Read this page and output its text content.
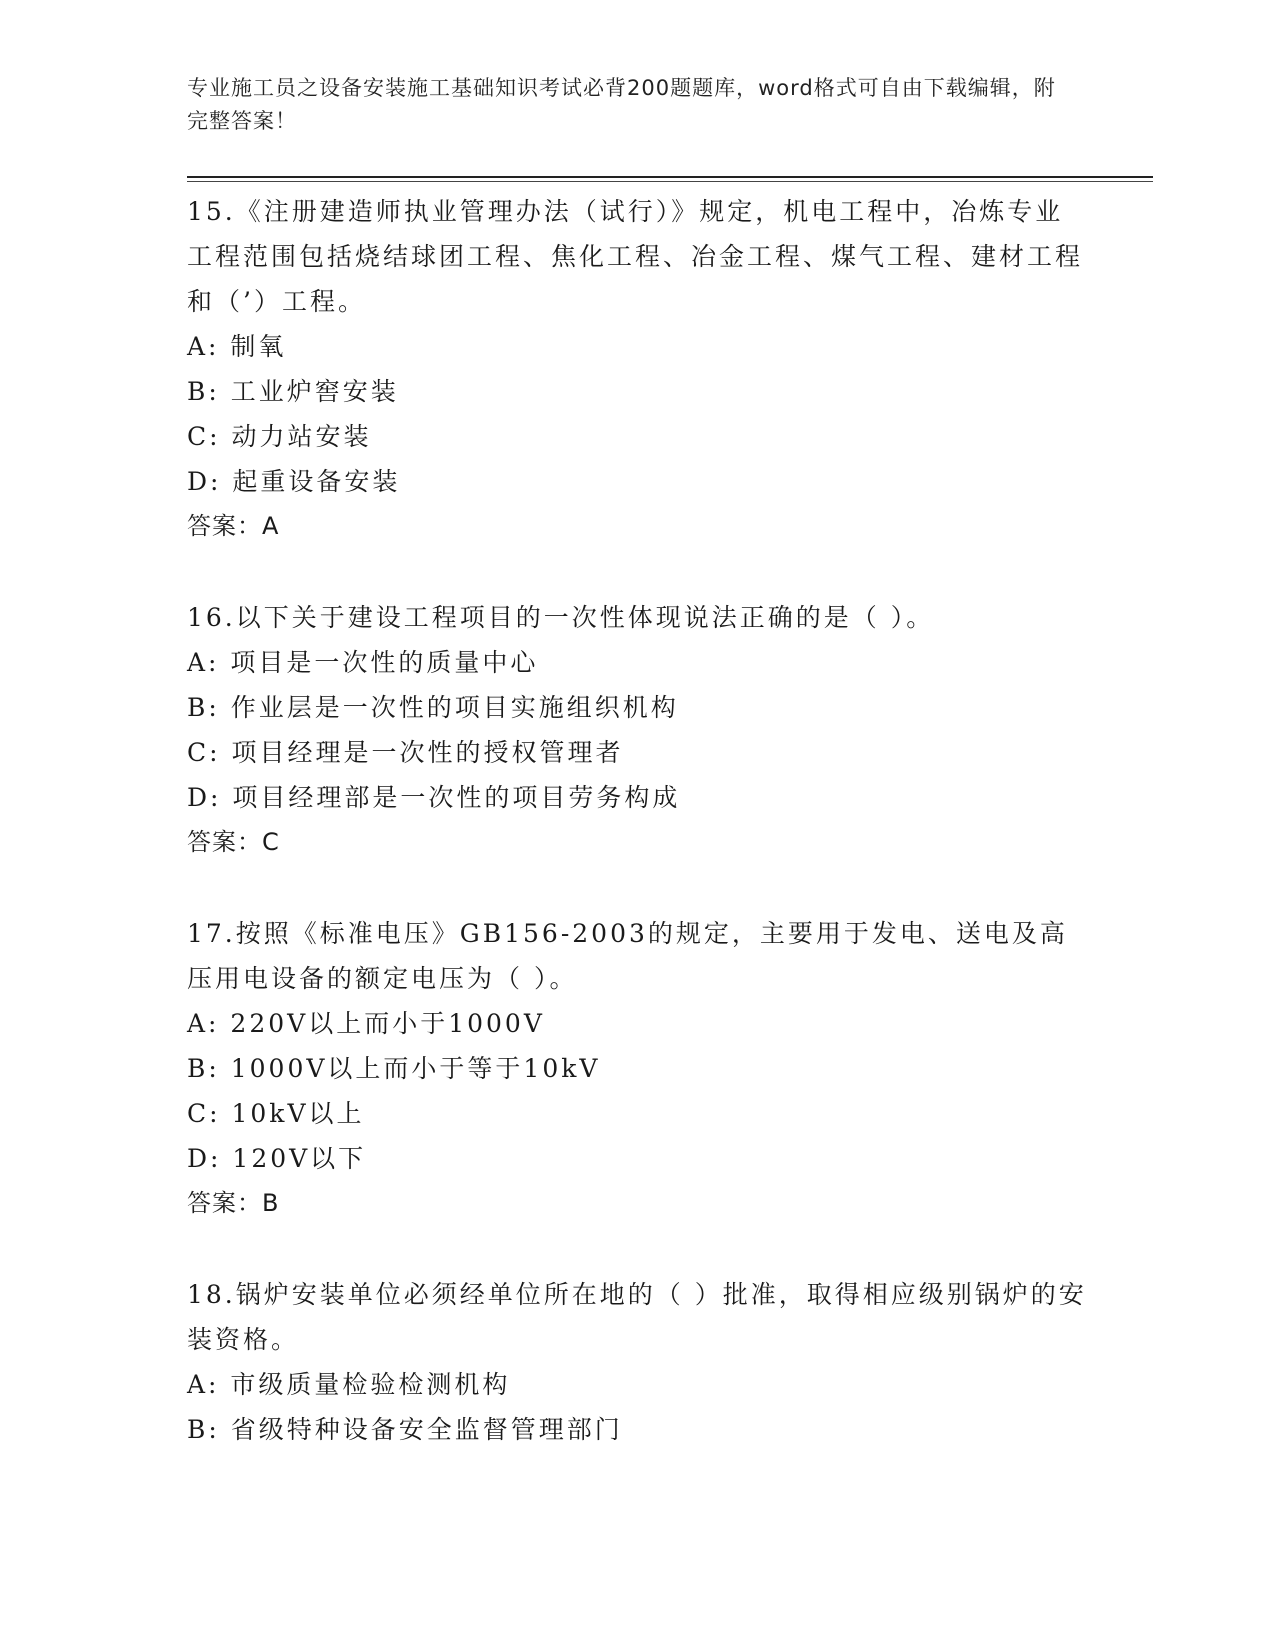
专业施工员之设备安装施工基础知识考试必背200题题库，word格式可自由下载编辑，附完整答案！

15.《注册建造师执业管理办法（试行）》规定，机电工程中，冶炼专业工程范围包括烧结球团工程、焦化工程、冶金工程、煤气工程、建材工程和（’）工程。

A: 制氧

B: 工业炉窖安装

C: 动力站安装

D: 起重设备安装

答案：A

16.以下关于建设工程项目的一次性体现说法正确的是（ ）。

A: 项目是一次性的质量中心

B: 作业层是一次性的项目实施组织机构

C: 项目经理是一次性的授权管理者

D: 项目经理部是一次性的项目劳务构成

答案：C

17.按照《标准电压》GB156-2003的规定，主要用于发电、送电及高压用电设备的额定电压为（ ）。

A: 220V以上而小于1000V

B: 1000V以上而小于等于10kV

C: 10kV以上

D: 120V以下

答案：B

18.锅炉安装单位必须经单位所在地的（ ）批准，取得相应级别锅炉的安装资格。

A: 市级质量检验检测机构

B: 省级特种设备安全监督管理部门
